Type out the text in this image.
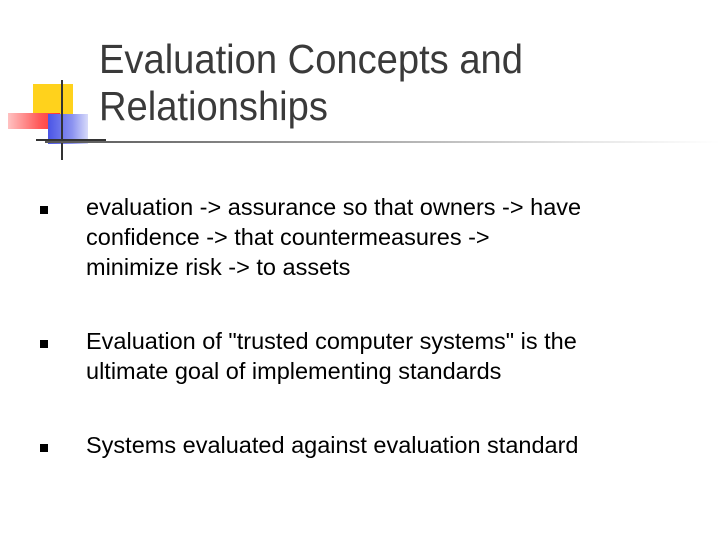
Evaluation Concepts and
Relationships
evaluation -> assurance so that owners -> have
confidence -> that countermeasures ->
minimize risk -> to assets
Evaluation of "trusted computer systems" is the
ultimate goal of implementing standards
Systems evaluated against evaluation standard
